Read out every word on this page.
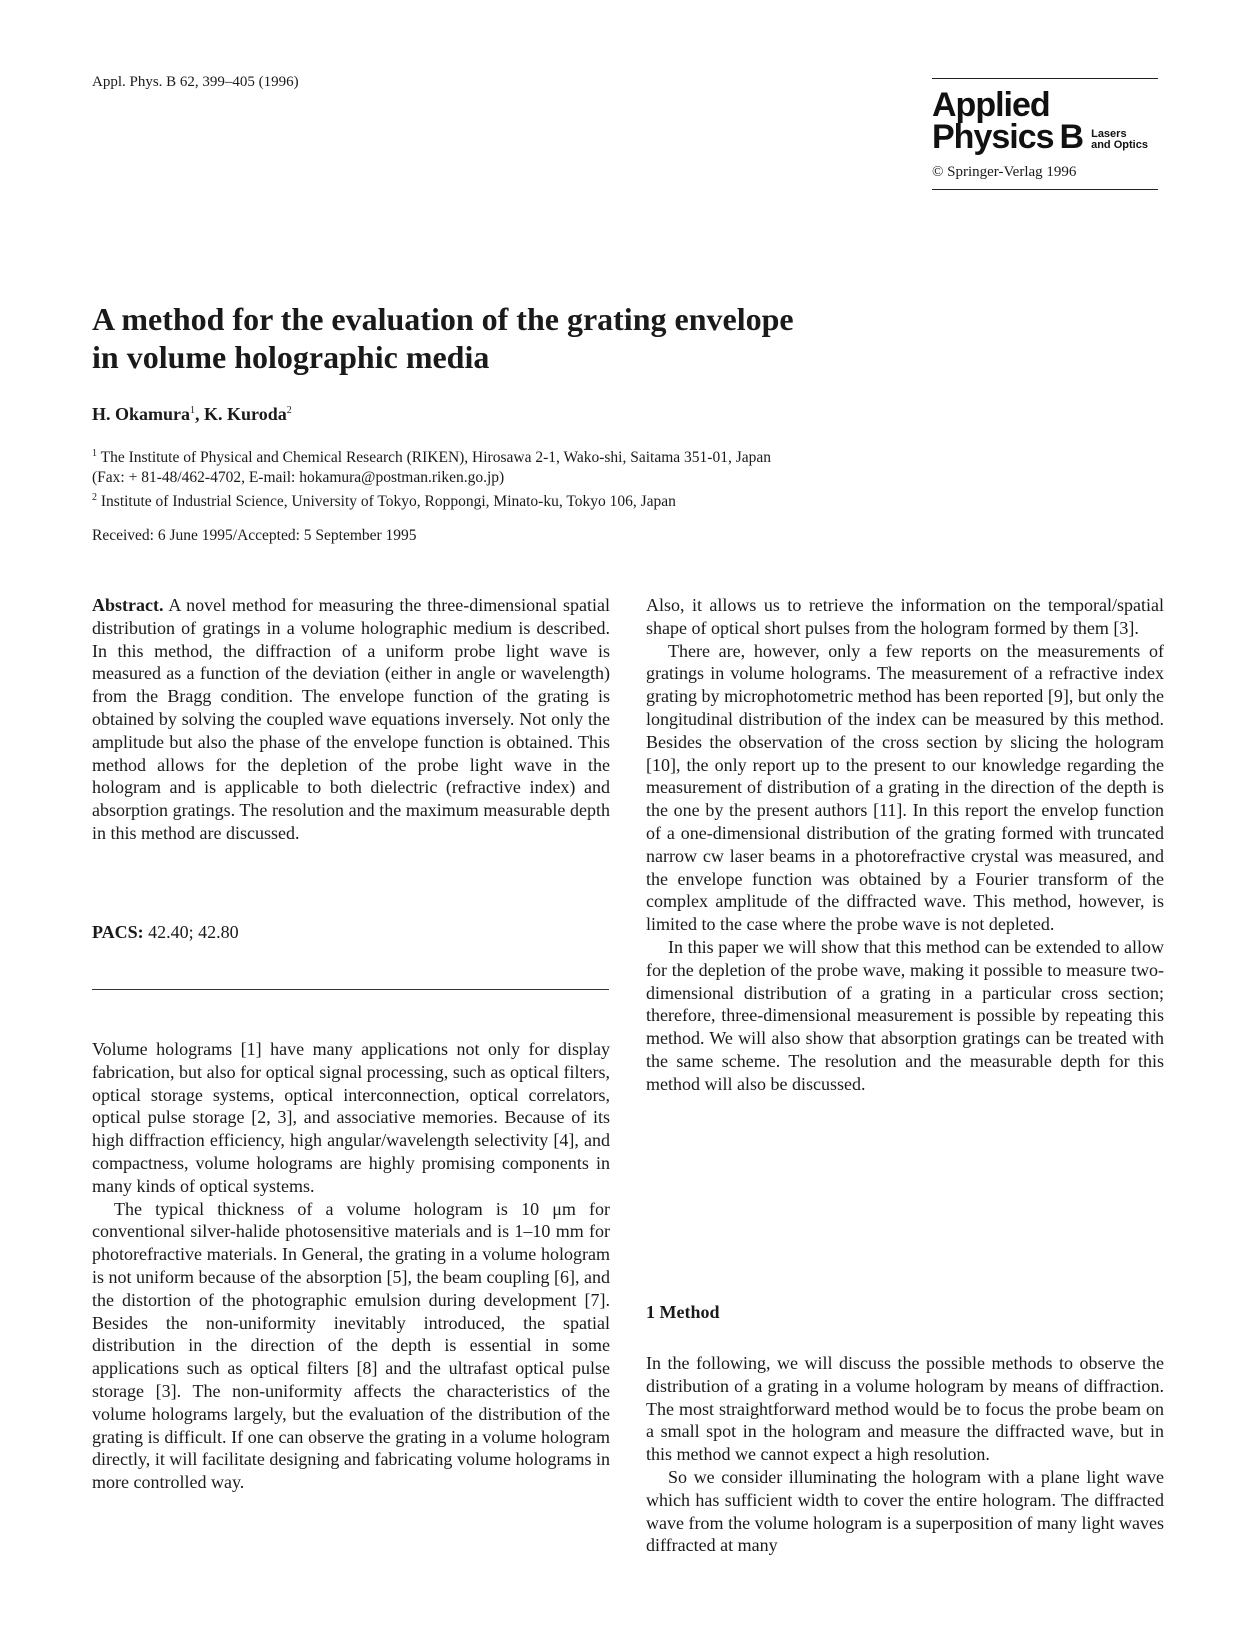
Appl. Phys. B 62, 399–405 (1996)
Applied
Physics B Lasers
and Optics
© Springer-Verlag 1996
A method for the evaluation of the grating envelope
in volume holographic media
H. Okamura$^1$, K. Kuroda$^2$
$^1$ The Institute of Physical and Chemical Research (RIKEN), Hirosawa 2-1, Wako-shi, Saitama 351-01, Japan
(Fax: + 81-48/462-4702, E-mail: hokamura@postman.riken.go.jp)
$^2$ Institute of Industrial Science, University of Tokyo, Roppongi, Minato-ku, Tokyo 106, Japan
Received: 6 June 1995/Accepted: 5 September 1995

Abstract. A novel method for measuring the three-dimensional spatial distribution of gratings in a volume holographic medium is described. In this method, the diffraction of a uniform probe light wave is measured as a function of the deviation (either in angle or wavelength) from the Bragg condition. The envelope function of the grating is obtained by solving the coupled wave equations inversely. Not only the amplitude but also the phase of the envelope function is obtained. This method allows for the depletion of the probe light wave in the hologram and is applicable to both dielectric (refractive index) and absorption gratings. The resolution and the maximum measurable depth in this method are discussed.

PACS: 42.40; 42.80

Volume holograms [1] have many applications not only for display fabrication, but also for optical signal processing, such as optical filters, optical storage systems, optical interconnection, optical correlators, optical pulse storage [2, 3], and associative memories. Because of its high diffraction efficiency, high angular/wavelength selectivity [4], and compactness, volume holograms are highly promising components in many kinds of optical systems.

The typical thickness of a volume hologram is 10 μm for conventional silver-halide photosensitive materials and is 1–10 mm for photorefractive materials. In General, the grating in a volume hologram is not uniform because of the absorption [5], the beam coupling [6], and the distortion of the photographic emulsion during development [7]. Besides the non-uniformity inevitably introduced, the spatial distribution in the direction of the depth is essential in some applications such as optical filters [8] and the ultrafast optical pulse storage [3]. The non-uniformity affects the characteristics of the volume holograms largely, but the evaluation of the distribution of the grating is difficult. If one can observe the grating in a volume hologram directly, it will facilitate designing and fabricating volume holograms in more controlled way.

Also, it allows us to retrieve the information on the temporal/spatial shape of optical short pulses from the hologram formed by them [3].

There are, however, only a few reports on the measurements of gratings in volume holograms. The measurement of a refractive index grating by microphotometric method has been reported [9], but only the longitudinal distribution of the index can be measured by this method. Besides the observation of the cross section by slicing the hologram [10], the only report up to the present to our knowledge regarding the measurement of distribution of a grating in the direction of the depth is the one by the present authors [11]. In this report the envelop function of a one-dimensional distribution of the grating formed with truncated narrow cw laser beams in a photorefractive crystal was measured, and the envelope function was obtained by a Fourier transform of the complex amplitude of the diffracted wave. This method, however, is limited to the case where the probe wave is not depleted.

In this paper we will show that this method can be extended to allow for the depletion of the probe wave, making it possible to measure two-dimensional distribution of a grating in a particular cross section; therefore, three-dimensional measurement is possible by repeating this method. We will also show that absorption gratings can be treated with the same scheme. The resolution and the measurable depth for this method will also be discussed.

1 Method

In the following, we will discuss the possible methods to observe the distribution of a grating in a volume hologram by means of diffraction. The most straightforward method would be to focus the probe beam on a small spot in the hologram and measure the diffracted wave, but in this method we cannot expect a high resolution.

So we consider illuminating the hologram with a plane light wave which has sufficient width to cover the entire hologram. The diffracted wave from the volume hologram is a superposition of many light waves diffracted at many
